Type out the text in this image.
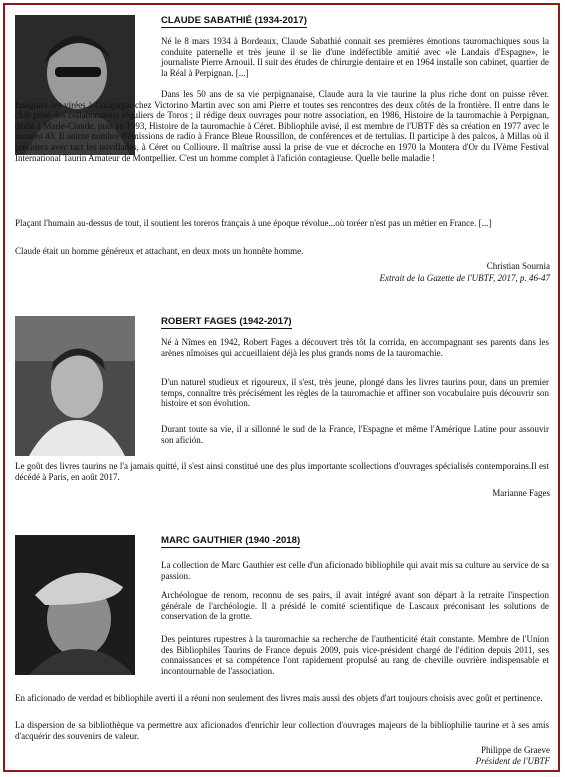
CLAUDE SABATHIÉ (1934-2017)

Né le 8 mars 1934 à Bordeaux, Claude Sabathié connait ses premières émotions tauromachiques sous la conduite paternelle et très jeune il se lie d'une indéfectible amitié avec «le Landais d'Espagne», le journaliste Pierre Arnouil. Il suit des études de chirurgie dentaire et en 1964 installe son cabinet, quartier de la Réal à Perpignan. [...]

Dans les 50 ans de sa vie perpignanaise, Claude aura la vie taurine la plus riche dont on puisse rêver. Imaginez les virées à Galapagar chez Victorino Martin avec son ami Pierre et toutes ses rencontres des deux côtés de la frontière. Il entre dans le club prisé des collaborateurs réguliers de Toros ; il rédige deux ouvrages pour notre association, en 1986, Histoire de la tauromachie à Perpignan, dédié à Marie-Claude, puis en 1993, Histoire de la tauromachie à Céret. Bibliophile avisé, il est membre de l'UBTF dès sa création en 1977 avec le numéro 43. Il anime nombre d'émissions de radio à France Bleue Roussillon, de conférences et de tertulias. Il participe à des palcos, à Millas où il présidera avec tact les novilladas, à Céret ou Collioure. Il maîtrise aussi la prise de vue et décroche en 1970 la Montera d'Or du IVème Festival International Taurin Amateur de Montpellier. C'est un homme complet à l'afición contagieuse. Quelle belle maladie !

Plaçant l'humain au-dessus de tout, il soutient les toreros français à une époque révolue...où toréer n'est pas un métier en France. [...]

Claude était un homme généreux et attachant, en deux mots un honnête homme.

Christian Sournia
Extrait de la Gazette de l'UBTF, 2017, p. 46-47
ROBERT FAGES (1942-2017)

Né à Nîmes en 1942, Robert Fages a découvert très tôt la corrida, en accompagnant ses parents dans les arènes nîmoises qui accueillaient déjà les plus grands noms de la tauromachie.

D'un naturel studieux et rigoureux, il s'est, très jeune, plongé dans les livres taurins pour, dans un premier temps, connaître très précisément les règles de la tauromachie et affiner son vocabulaire puis découvrir son histoire et son évolution.

Durant toute sa vie, il a sillonné le sud de la France, l'Espagne et même l'Amérique Latine pour assouvir son afición.

Le goût des livres taurins ne l'a jamais quitté, il s'est ainsi constitué une des plus importante scollections d'ouvrages spécialisés contemporains.Il est décédé à Paris, en août 2017.

Marianne Fages
MARC GAUTHIER (1940 -2018)

La collection de Marc Gauthier est celle d'un aficionado bibliophile qui avait mis sa culture au service de sa passion.

Archéologue de renom, reconnu de ses pairs, il avait intégré avant son départ à la retraite l'inspection générale de l'archéologie. Il a présidé le comité scientifique de Lascaux préconisant les solutions de conservation de la grotte.

Des peintures rupestres à la tauromachie sa recherche de l'authenticité était constante. Membre de l'Union des Bibliophiles Taurins de France depuis 2009, puis vice-président chargé de l'édition depuis 2011, ses connaissances et sa compétence l'ont rapidement propulsé au rang de cheville ouvrière indispensable et incontournable de l'association.

En aficionado de verdad et bibliophile averti il a réuni non seulement des livres mais aussi des objets d'art toujours choisis avec goût et pertinence.

La dispersion de sa bibliothèque va permettre aux aficionados d'enrichir leur collection d'ouvrages majeurs de la bibliophilie taurine et à ses amis d'acquérir des souvenirs de valeur.

Philippe de Graeve
Président de l'UBTF
